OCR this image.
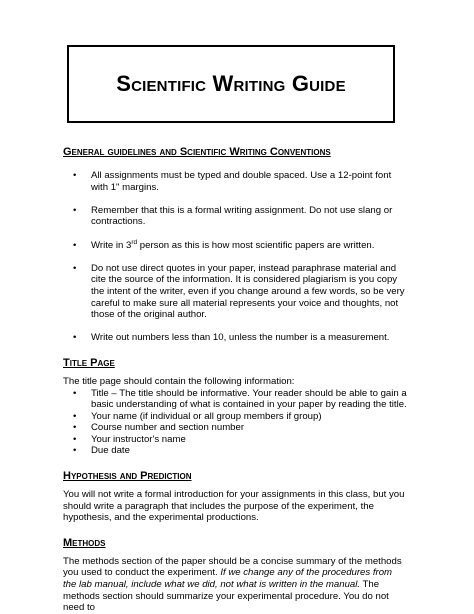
Scientific Writing Guide

General guidelines and Scientific Writing Conventions

• All assignments must be typed and double spaced. Use a 12-point font with 1" margins.
• Remember that this is a formal writing assignment. Do not use slang or contractions.
• Write in 3rd person as this is how most scientific papers are written.
• Do not use direct quotes in your paper, instead paraphrase material and cite the source of the information. It is considered plagiarism is you copy the intent of the writer, even if you change around a few words, so be very careful to make sure all material represents your voice and thoughts, not those of the original author.
• Write out numbers less than 10, unless the number is a measurement.

Title Page

The title page should contain the following information:

• Title – The title should be informative. Your reader should be able to gain a basic understanding of what is contained in your paper by reading the title.
• Your name (if individual or all group members if group)
• Course number and section number
• Your instructor's name
• Due date

Hypothesis and Prediction

You will not write a formal introduction for your assignments in this class, but you should write a paragraph that includes the purpose of the experiment, the hypothesis, and the experimental productions.

Methods

The methods section of the paper should be a concise summary of the methods you used to conduct the experiment. If we change any of the procedures from the lab manual, include what we did, not what is written in the manual. The methods section should summarize your experimental procedure. You do not need to
